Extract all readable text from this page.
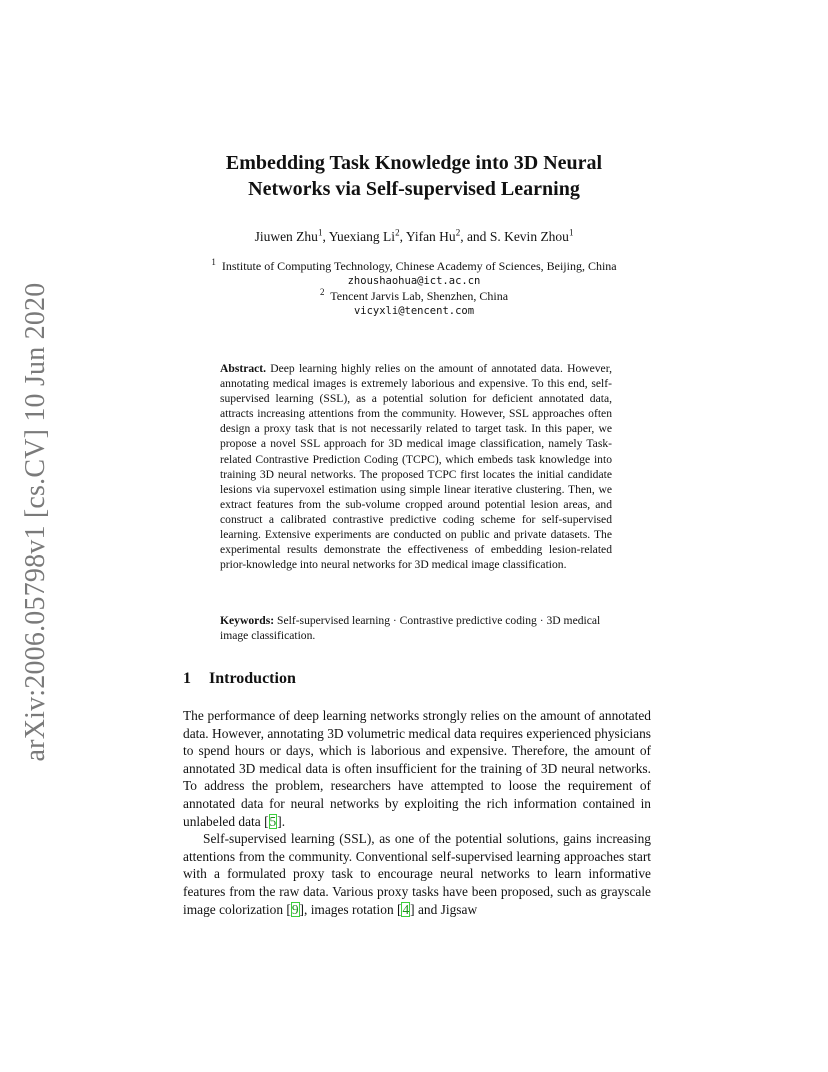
arXiv:2006.05798v1 [cs.CV] 10 Jun 2020
Embedding Task Knowledge into 3D Neural
Networks via Self-supervised Learning
Jiuwen Zhu$^1$, Yuexiang Li$^2$, Yifan Hu$^2$, and S. Kevin Zhou$^1$
$^1$ Institute of Computing Technology, Chinese Academy of Sciences, Beijing, China
zhoushaohua@ict.ac.cn
$^2$ Tencent Jarvis Lab, Shenzhen, China
vicyxli@tencent.com
Abstract. Deep learning highly relies on the amount of annotated data. However, annotating medical images is extremely laborious and expensive. To this end, self-supervised learning (SSL), as a potential solution for deficient annotated data, attracts increasing attentions from the community. However, SSL approaches often design a proxy task that is not necessarily related to target task. In this paper, we propose a novel SSL approach for 3D medical image classification, namely Task-related Contrastive Prediction Coding (TCPC), which embeds task knowledge into training 3D neural networks. The proposed TCPC first locates the initial candidate lesions via supervoxel estimation using simple linear iterative clustering. Then, we extract features from the sub-volume cropped around potential lesion areas, and construct a calibrated contrastive predictive coding scheme for self-supervised learning. Extensive experiments are conducted on public and private datasets. The experimental results demonstrate the effectiveness of embedding lesion-related prior-knowledge into neural networks for 3D medical image classification.
Keywords: Self-supervised learning · Contrastive predictive coding · 3D medical image classification.
1 Introduction

The performance of deep learning networks strongly relies on the amount of annotated data. However, annotating 3D volumetric medical data requires experienced physicians to spend hours or days, which is laborious and expensive. Therefore, the amount of annotated 3D medical data is often insufficient for the training of 3D neural networks. To address the problem, researchers have attempted to loose the requirement of annotated data for neural networks by exploiting the rich information contained in unlabeled data [5].

Self-supervised learning (SSL), as one of the potential solutions, gains increasing attentions from the community. Conventional self-supervised learning approaches start with a formulated proxy task to encourage neural networks to learn informative features from the raw data. Various proxy tasks have been proposed, such as grayscale image colorization [9], images rotation [4] and Jigsaw
